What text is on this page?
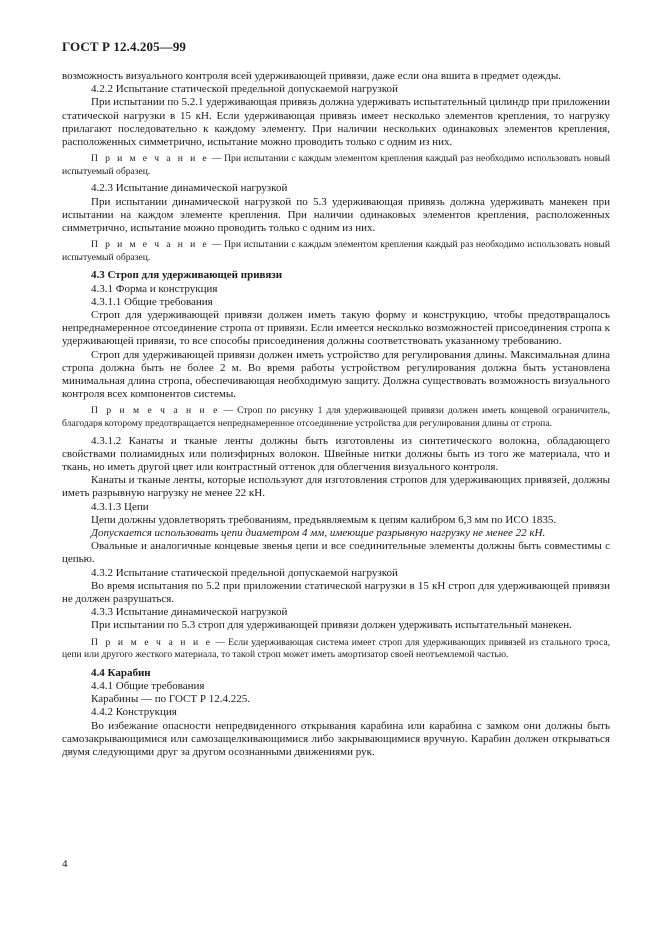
ГОСТ Р 12.4.205—99

возможность визуального контроля всей удерживающей привязи, даже если она вшита в предмет одежды.

4.2.2 Испытание статической предельной допускаемой нагрузкой

При испытании по 5.2.1 удерживающая привязь должна удерживать испытательный цилиндр при приложении статической нагрузки в 15 кН. Если удерживающая привязь имеет несколько элементов крепления, то нагрузку прилагают последовательно к каждому элементу. При наличии нескольких одинаковых элементов крепления, расположенных симметрично, испытание можно проводить только с одним из них.

П р и м е ч а н и е — При испытании с каждым элементом крепления каждый раз необходимо использовать новый испытуемый образец.

4.2.3 Испытание динамической нагрузкой

При испытании динамической нагрузкой по 5.3 удерживающая привязь должна удерживать манекен при испытании на каждом элементе крепления. При наличии одинаковых элементов крепления, расположенных симметрично, испытание можно проводить только с одним из них.

П р и м е ч а н и е — При испытании с каждым элементом крепления каждый раз необходимо использовать новый испытуемый образец.

4.3 Строп для удерживающей привязи

4.3.1 Форма и конструкция

4.3.1.1 Общие требования

Строп для удерживающей привязи должен иметь такую форму и конструкцию, чтобы предотвращалось непреднамеренное отсоединение стропа от привязи. Если имеется несколько возможностей присоединения стропа к удерживающей привязи, то все способы присоединения должны соответствовать указанному требованию.

Строп для удерживающей привязи должен иметь устройство для регулирования длины. Максимальная длина стропа должна быть не более 2 м. Во время работы устройством регулирования должна быть установлена минимальная длина стропа, обеспечивающая необходимую защиту. Должна существовать возможность визуального контроля всех компонентов системы.

П р и м е ч а н и е — Строп по рисунку 1 для удерживающей привязи должен иметь концевой ограничитель, благодаря которому предотвращается непреднамеренное отсоединение устройства для регулирования длины от стропа.

4.3.1.2 Канаты и тканые ленты должны быть изготовлены из синтетического волокна, обладающего свойствами полиамидных или полиэфирных волокон. Швейные нитки должны быть из того же материала, что и ткань, но иметь другой цвет или контрастный оттенок для облегчения визуального контроля.

Канаты и тканые ленты, которые используют для изготовления стропов для удерживающих привязей, должны иметь разрывную нагрузку не менее 22 кН.

4.3.1.3 Цепи

Цепи должны удовлетворять требованиям, предъявляемым к цепям калибром 6,3 мм по ИСО 1835.

Допускается использовать цепи диаметром 4 мм, имеющие разрывную нагрузку не менее 22 кН.

Овальные и аналогичные концевые звенья цепи и все соединительные элементы должны быть совместимы с цепью.

4.3.2 Испытание статической предельной допускаемой нагрузкой

Во время испытания по 5.2 при приложении статической нагрузки в 15 кН строп для удерживающей привязи не должен разрушаться.

4.3.3 Испытание динамической нагрузкой

При испытании по 5.3 строп для удерживающей привязи должен удерживать испытательный манекен.

П р и м е ч а н и е — Если удерживающая система имеет строп для удерживающих привязей из стального троса, цепи или другого жесткого материала, то такой строп может иметь амортизатор своей неотъемлемой частью.

4.4 Карабин

4.4.1 Общие требования

Карабины — по ГОСТ Р 12.4.225.

4.4.2 Конструкция

Во избежание опасности непредвиденного открывания карабина или карабина с замком они должны быть самозакрывающимися или самозащелкивающимися либо закрывающимися вручную. Карабин должен открываться двумя следующими друг за другом осознанными движениями рук.

4
